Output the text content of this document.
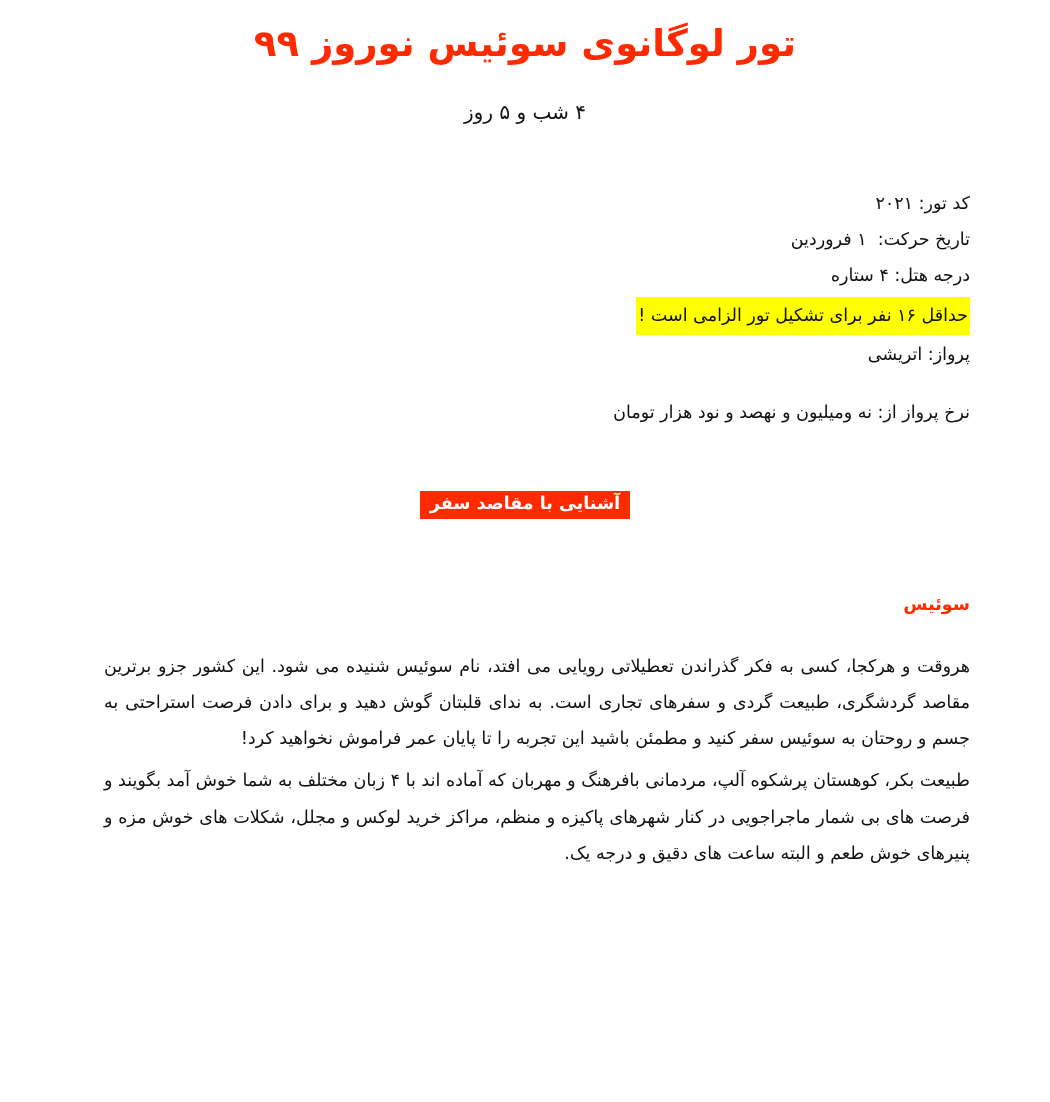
تور لوگانوی سوئیس نوروز ۹۹
۴ شب و ۵ روز
کد تور: ۲۰۲۱
تاریخ حرکت:  ۱ فروردین
درجه هتل: ۴ ستاره
حداقل ۱۶ نفر برای تشکیل تور الزامی است !
پرواز: اتریشی
نرخ پرواز از: نه ومیلیون و نهصد و نود هزار تومان
آشنایی با مقاصد سفر
سوئیس

هروقت و هرکجا، کسی به فکر گذراندن تعطیلاتی رویایی می افتد، نام سوئیس شنیده می شود. این کشور جزو برترین مقاصد گردشگری، طبیعت گردی و سفرهای تجاری است. به ندای قلبتان گوش دهید و برای دادن فرصت استراحتی به جسم و روحتان به سوئیس سفر کنید و مطمئن باشید این تجربه را تا پایان عمر فراموش نخواهید کرد!

طبیعت بکر، کوهستان پرشکوه آلپ، مردمانی بافرهنگ و مهربان که آماده اند با ۴ زبان مختلف به شما خوش آمد بگویند و فرصت های بی شمار ماجراجویی در کنار شهرهای پاکیزه و منظم، مراکز خرید لوکس و مجلل، شکلات های خوش مزه و پنیرهای خوش طعم و البته ساعت های دقیق و درجه یک.
